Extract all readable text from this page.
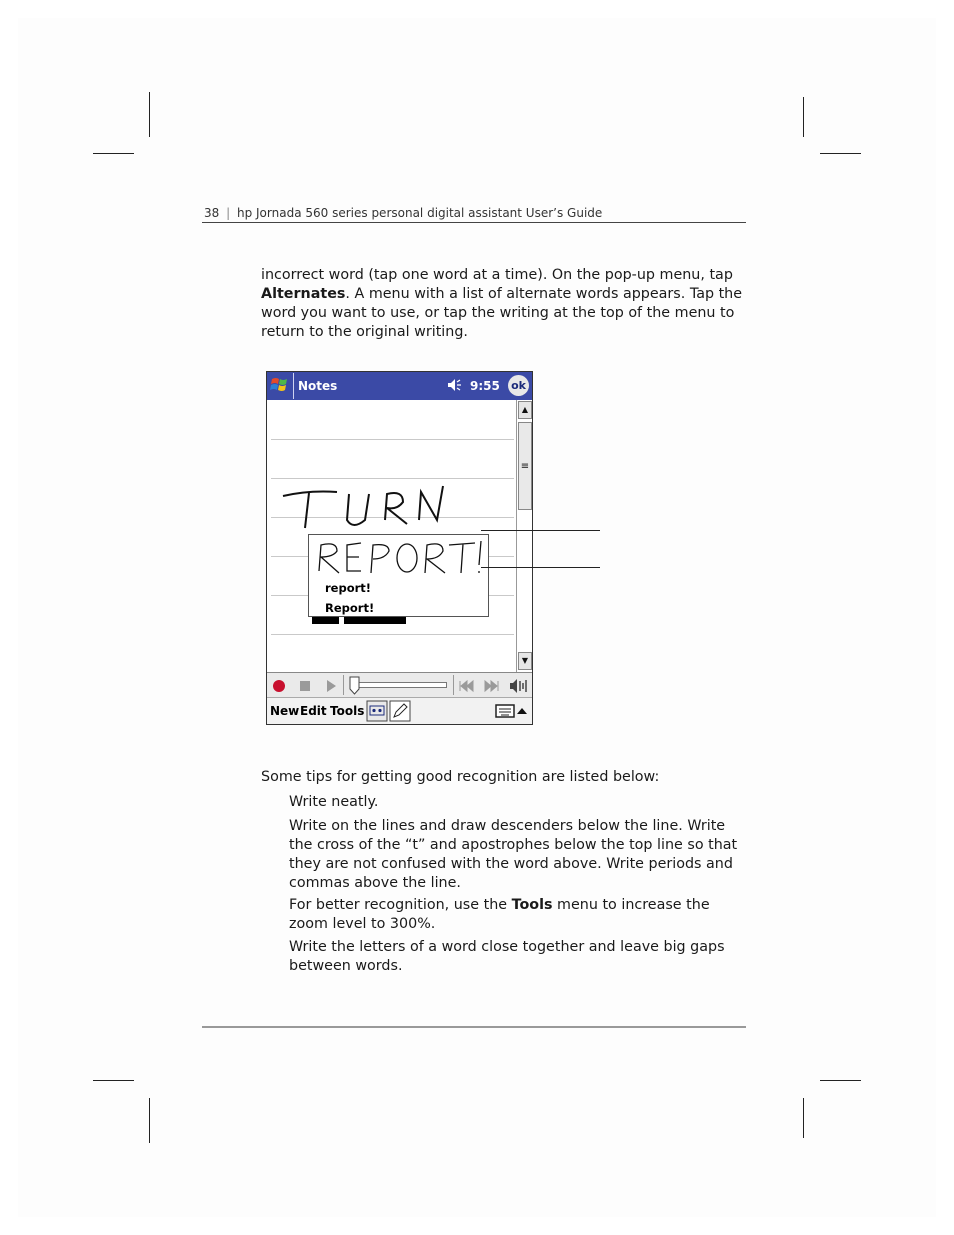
38 | hp Jornada 560 series personal digital assistant User’s Guide
incorrect word (tap one word at a time). On the pop-up menu, tap Alternates. A menu with a list of alternate words appears. Tap the word you want to use, or tap the writing at the top of the menu to return to the original writing.
Notes	9:55 ok
report!
Report!
▲
≡
▼
New Edit Tools
Some tips for getting good recognition are listed below:
Write neatly.
Write on the lines and draw descenders below the line. Write the cross of the “t” and apostrophes below the top line so that they are not confused with the word above. Write periods and commas above the line.
For better recognition, use the Tools menu to increase the zoom level to 300%.
Write the letters of a word close together and leave big gaps between words.
